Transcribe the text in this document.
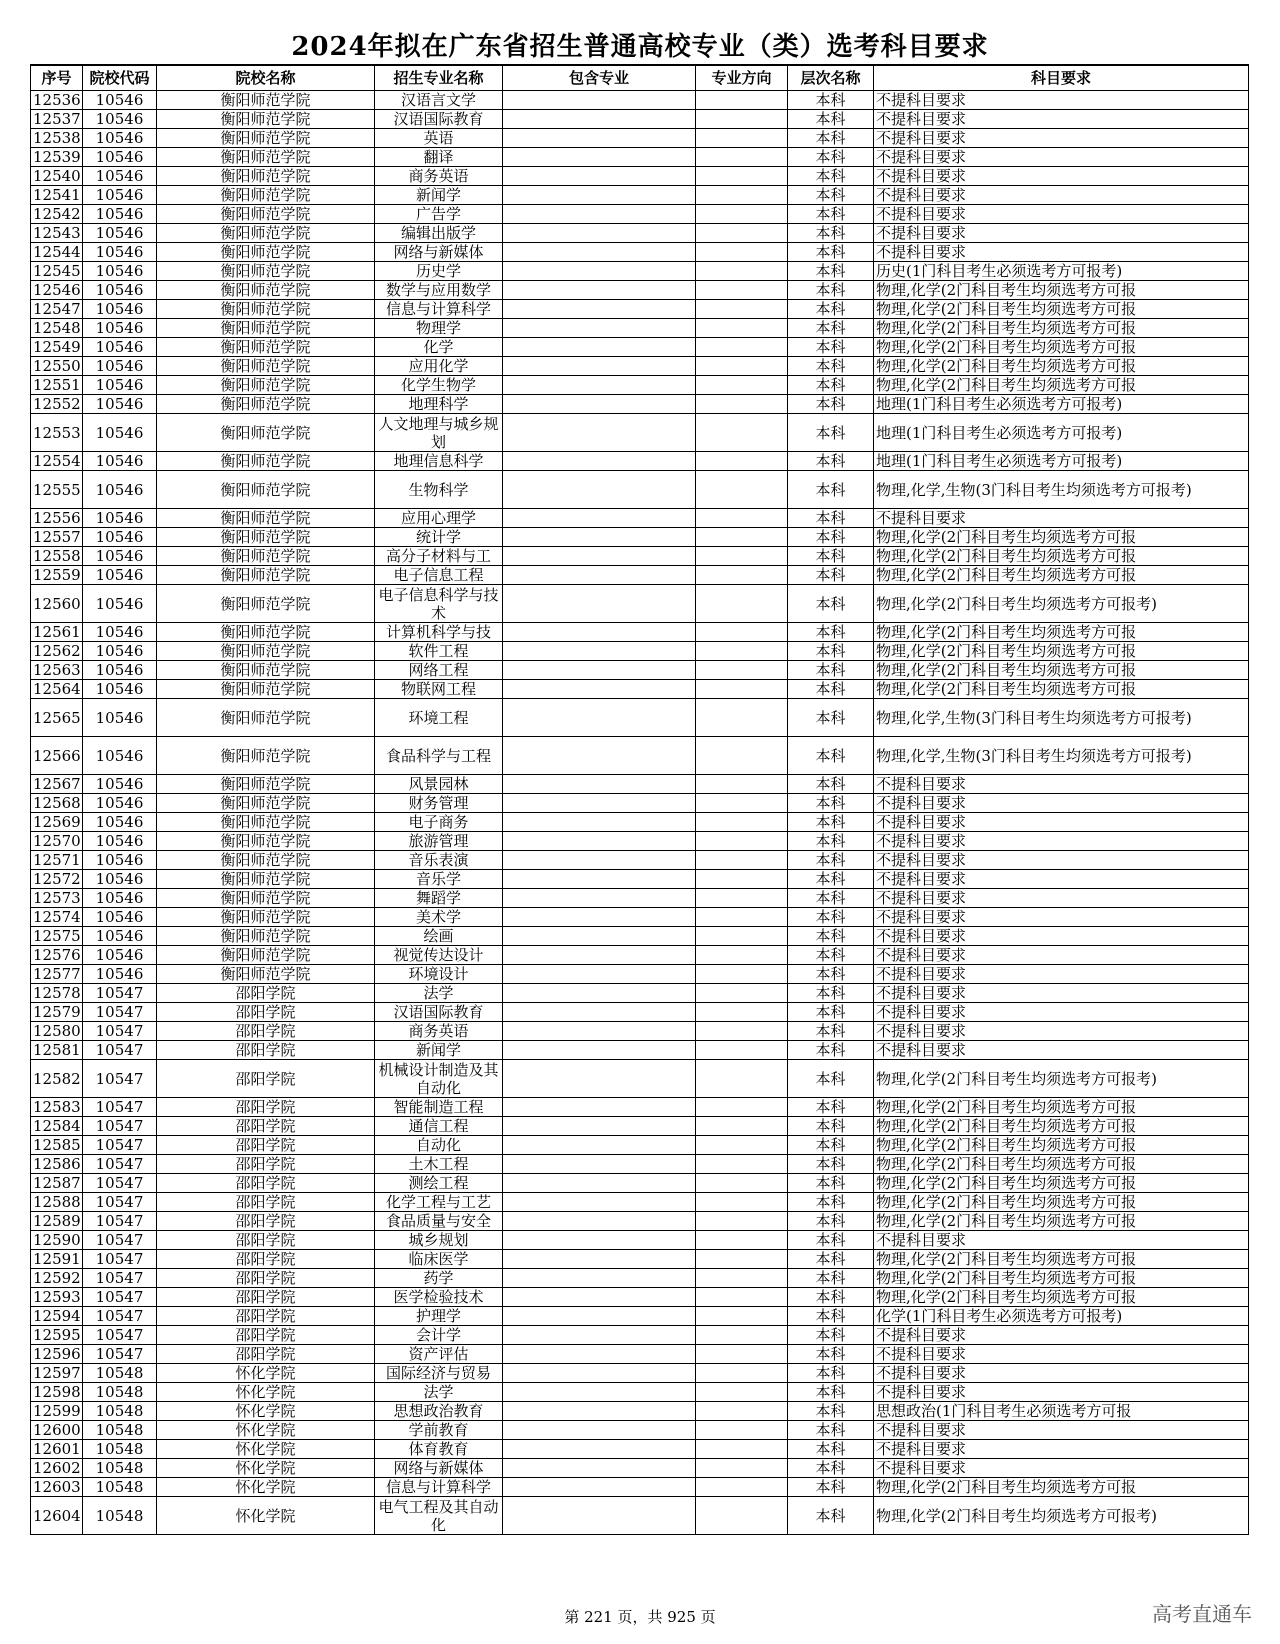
2024年拟在广东省招生普通高校专业（类）选考科目要求
序号	院校代码	院校名称	招生专业名称	包含专业	专业方向	层次名称	科目要求
12536	10546	衡阳师范学院	汉语言文学			本科	不提科目要求
12537	10546	衡阳师范学院	汉语国际教育			本科	不提科目要求
12538	10546	衡阳师范学院	英语			本科	不提科目要求
12539	10546	衡阳师范学院	翻译			本科	不提科目要求
12540	10546	衡阳师范学院	商务英语			本科	不提科目要求
12541	10546	衡阳师范学院	新闻学			本科	不提科目要求
12542	10546	衡阳师范学院	广告学			本科	不提科目要求
12543	10546	衡阳师范学院	编辑出版学			本科	不提科目要求
12544	10546	衡阳师范学院	网络与新媒体			本科	不提科目要求
12545	10546	衡阳师范学院	历史学			本科	历史(1门科目考生必须选考方可报考)
12546	10546	衡阳师范学院	数学与应用数学			本科	物理,化学(2门科目考生均须选考方可报
12547	10546	衡阳师范学院	信息与计算科学			本科	物理,化学(2门科目考生均须选考方可报
12548	10546	衡阳师范学院	物理学			本科	物理,化学(2门科目考生均须选考方可报
12549	10546	衡阳师范学院	化学			本科	物理,化学(2门科目考生均须选考方可报
12550	10546	衡阳师范学院	应用化学			本科	物理,化学(2门科目考生均须选考方可报
12551	10546	衡阳师范学院	化学生物学			本科	物理,化学(2门科目考生均须选考方可报
12552	10546	衡阳师范学院	地理科学			本科	地理(1门科目考生必须选考方可报考)
12553	10546	衡阳师范学院	人文地理与城乡规划			本科	地理(1门科目考生必须选考方可报考)
12554	10546	衡阳师范学院	地理信息科学			本科	地理(1门科目考生必须选考方可报考)
12555	10546	衡阳师范学院	生物科学			本科	物理,化学,生物(3门科目考生均须选考方可报考)
12556	10546	衡阳师范学院	应用心理学			本科	不提科目要求
12557	10546	衡阳师范学院	统计学			本科	物理,化学(2门科目考生均须选考方可报
12558	10546	衡阳师范学院	高分子材料与工			本科	物理,化学(2门科目考生均须选考方可报
12559	10546	衡阳师范学院	电子信息工程			本科	物理,化学(2门科目考生均须选考方可报
12560	10546	衡阳师范学院	电子信息科学与技术			本科	物理,化学(2门科目考生均须选考方可报考)
12561	10546	衡阳师范学院	计算机科学与技			本科	物理,化学(2门科目考生均须选考方可报
12562	10546	衡阳师范学院	软件工程			本科	物理,化学(2门科目考生均须选考方可报
12563	10546	衡阳师范学院	网络工程			本科	物理,化学(2门科目考生均须选考方可报
12564	10546	衡阳师范学院	物联网工程			本科	物理,化学(2门科目考生均须选考方可报
12565	10546	衡阳师范学院	环境工程			本科	物理,化学,生物(3门科目考生均须选考方可报考)
12566	10546	衡阳师范学院	食品科学与工程			本科	物理,化学,生物(3门科目考生均须选考方可报考)
12567	10546	衡阳师范学院	风景园林			本科	不提科目要求
12568	10546	衡阳师范学院	财务管理			本科	不提科目要求
12569	10546	衡阳师范学院	电子商务			本科	不提科目要求
12570	10546	衡阳师范学院	旅游管理			本科	不提科目要求
12571	10546	衡阳师范学院	音乐表演			本科	不提科目要求
12572	10546	衡阳师范学院	音乐学			本科	不提科目要求
12573	10546	衡阳师范学院	舞蹈学			本科	不提科目要求
12574	10546	衡阳师范学院	美术学			本科	不提科目要求
12575	10546	衡阳师范学院	绘画			本科	不提科目要求
12576	10546	衡阳师范学院	视觉传达设计			本科	不提科目要求
12577	10546	衡阳师范学院	环境设计			本科	不提科目要求
12578	10547	邵阳学院	法学			本科	不提科目要求
12579	10547	邵阳学院	汉语国际教育			本科	不提科目要求
12580	10547	邵阳学院	商务英语			本科	不提科目要求
12581	10547	邵阳学院	新闻学			本科	不提科目要求
12582	10547	邵阳学院	机械设计制造及其自动化			本科	物理,化学(2门科目考生均须选考方可报考)
12583	10547	邵阳学院	智能制造工程			本科	物理,化学(2门科目考生均须选考方可报
12584	10547	邵阳学院	通信工程			本科	物理,化学(2门科目考生均须选考方可报
12585	10547	邵阳学院	自动化			本科	物理,化学(2门科目考生均须选考方可报
12586	10547	邵阳学院	土木工程			本科	物理,化学(2门科目考生均须选考方可报
12587	10547	邵阳学院	测绘工程			本科	物理,化学(2门科目考生均须选考方可报
12588	10547	邵阳学院	化学工程与工艺			本科	物理,化学(2门科目考生均须选考方可报
12589	10547	邵阳学院	食品质量与安全			本科	物理,化学(2门科目考生均须选考方可报
12590	10547	邵阳学院	城乡规划			本科	不提科目要求
12591	10547	邵阳学院	临床医学			本科	物理,化学(2门科目考生均须选考方可报
12592	10547	邵阳学院	药学			本科	物理,化学(2门科目考生均须选考方可报
12593	10547	邵阳学院	医学检验技术			本科	物理,化学(2门科目考生均须选考方可报
12594	10547	邵阳学院	护理学			本科	化学(1门科目考生必须选考方可报考)
12595	10547	邵阳学院	会计学			本科	不提科目要求
12596	10547	邵阳学院	资产评估			本科	不提科目要求
12597	10548	怀化学院	国际经济与贸易			本科	不提科目要求
12598	10548	怀化学院	法学			本科	不提科目要求
12599	10548	怀化学院	思想政治教育			本科	思想政治(1门科目考生必须选考方可报
12600	10548	怀化学院	学前教育			本科	不提科目要求
12601	10548	怀化学院	体育教育			本科	不提科目要求
12602	10548	怀化学院	网络与新媒体			本科	不提科目要求
12603	10548	怀化学院	信息与计算科学			本科	物理,化学(2门科目考生均须选考方可报
12604	10548	怀化学院	电气工程及其自动化			本科	物理,化学(2门科目考生均须选考方可报考)
第 221 页，共 925 页	高考直通车
